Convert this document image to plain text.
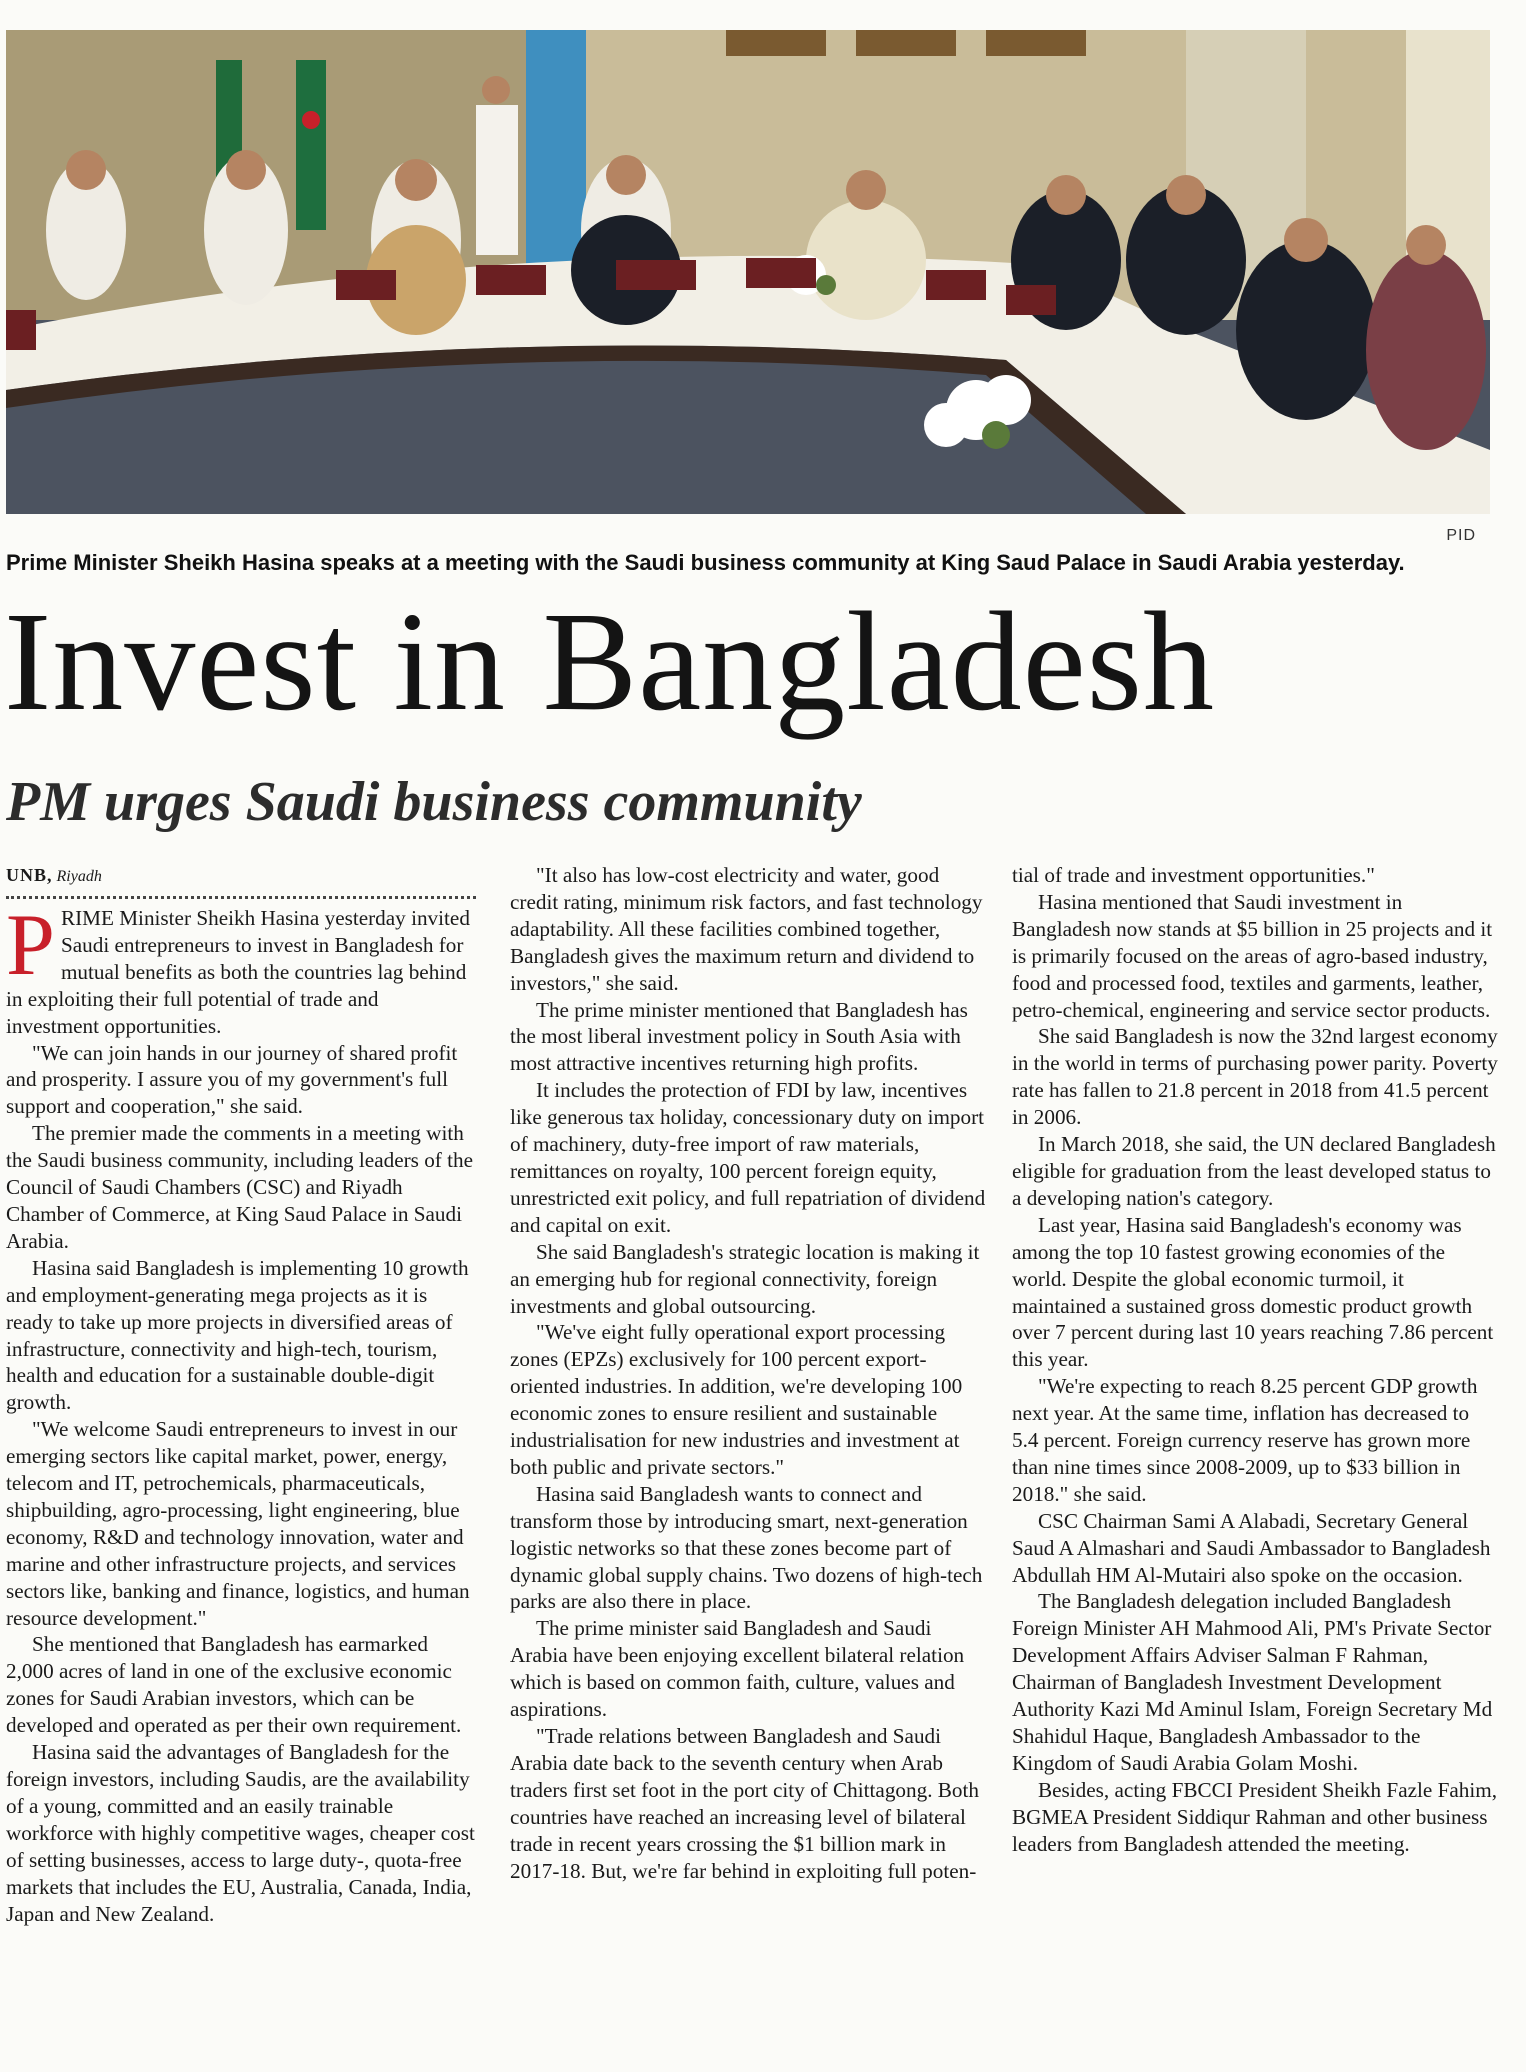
PID
Prime Minister Sheikh Hasina speaks at a meeting with the Saudi business community at King Saud Palace in Saudi Arabia yesterday.
Invest in Bangladesh
PM urges Saudi business community
UNB, Riyadh

PRIME Minister Sheikh Hasina yesterday invited Saudi entrepreneurs to invest in Bangladesh for mutual benefits as both the countries lag behind in exploiting their full potential of trade and investment opportunities.

"We can join hands in our journey of shared profit and prosperity. I assure you of my government's full support and cooperation," she said.

The premier made the comments in a meeting with the Saudi business community, including leaders of the Council of Saudi Chambers (CSC) and Riyadh Chamber of Commerce, at King Saud Palace in Saudi Arabia.

Hasina said Bangladesh is implementing 10 growth and employment-generating mega projects as it is ready to take up more projects in diversified areas of infrastructure, connectivity and high-tech, tourism, health and education for a sustainable double-digit growth.

"We welcome Saudi entrepreneurs to invest in our emerging sectors like capital market, power, energy, telecom and IT, petrochemicals, pharmaceuticals, shipbuilding, agro-processing, light engineering, blue economy, R&D and technology innovation, water and marine and other infrastructure projects, and services sectors like, banking and finance, logistics, and human resource development."

She mentioned that Bangladesh has earmarked 2,000 acres of land in one of the exclusive economic zones for Saudi Arabian investors, which can be developed and operated as per their own requirement.

Hasina said the advantages of Bangladesh for the foreign investors, including Saudis, are the availability of a young, committed and an easily trainable workforce with highly competitive wages, cheaper cost of setting businesses, access to large duty-, quota-free markets that includes the EU, Australia, Canada, India, Japan and New Zealand.

"It also has low-cost electricity and water, good credit rating, minimum risk factors, and fast technology adaptability. All these facilities combined together, Bangladesh gives the maximum return and dividend to investors," she said.

The prime minister mentioned that Bangladesh has the most liberal investment policy in South Asia with most attractive incentives returning high profits.

It includes the protection of FDI by law, incentives like generous tax holiday, concessionary duty on import of machinery, duty-free import of raw materials, remittances on royalty, 100 percent foreign equity, unrestricted exit policy, and full repatriation of dividend and capital on exit.

She said Bangladesh's strategic location is making it an emerging hub for regional connectivity, foreign investments and global outsourcing.

"We've eight fully operational export processing zones (EPZs) exclusively for 100 percent export-oriented industries. In addition, we're developing 100 economic zones to ensure resilient and sustainable industrialisation for new industries and investment at both public and private sectors."

Hasina said Bangladesh wants to connect and transform those by introducing smart, next-generation logistic networks so that these zones become part of dynamic global supply chains. Two dozens of high-tech parks are also there in place.

The prime minister said Bangladesh and Saudi Arabia have been enjoying excellent bilateral relation which is based on common faith, culture, values and aspirations.

"Trade relations between Bangladesh and Saudi Arabia date back to the seventh century when Arab traders first set foot in the port city of Chittagong. Both countries have reached an increasing level of bilateral trade in recent years crossing the $1 billion mark in 2017-18. But, we're far behind in exploiting full poten-

tial of trade and investment opportunities."

Hasina mentioned that Saudi investment in Bangladesh now stands at $5 billion in 25 projects and it is primarily focused on the areas of agro-based industry, food and processed food, textiles and garments, leather, petro-chemical, engineering and service sector products.

She said Bangladesh is now the 32nd largest economy in the world in terms of purchasing power parity. Poverty rate has fallen to 21.8 percent in 2018 from 41.5 percent in 2006.

In March 2018, she said, the UN declared Bangladesh eligible for graduation from the least developed status to a developing nation's category.

Last year, Hasina said Bangladesh's economy was among the top 10 fastest growing economies of the world. Despite the global economic turmoil, it maintained a sustained gross domestic product growth over 7 percent during last 10 years reaching 7.86 percent this year.

"We're expecting to reach 8.25 percent GDP growth next year. At the same time, inflation has decreased to 5.4 percent. Foreign currency reserve has grown more than nine times since 2008-2009, up to $33 billion in 2018." she said.

CSC Chairman Sami A Alabadi, Secretary General Saud A Almashari and Saudi Ambassador to Bangladesh Abdullah HM Al-Mutairi also spoke on the occasion.

The Bangladesh delegation included Bangladesh Foreign Minister AH Mahmood Ali, PM's Private Sector Development Affairs Adviser Salman F Rahman, Chairman of Bangladesh Investment Development Authority Kazi Md Aminul Islam, Foreign Secretary Md Shahidul Haque, Bangladesh Ambassador to the Kingdom of Saudi Arabia Golam Moshi.

Besides, acting FBCCI President Sheikh Fazle Fahim, BGMEA President Siddiqur Rahman and other business leaders from Bangladesh attended the meeting.
